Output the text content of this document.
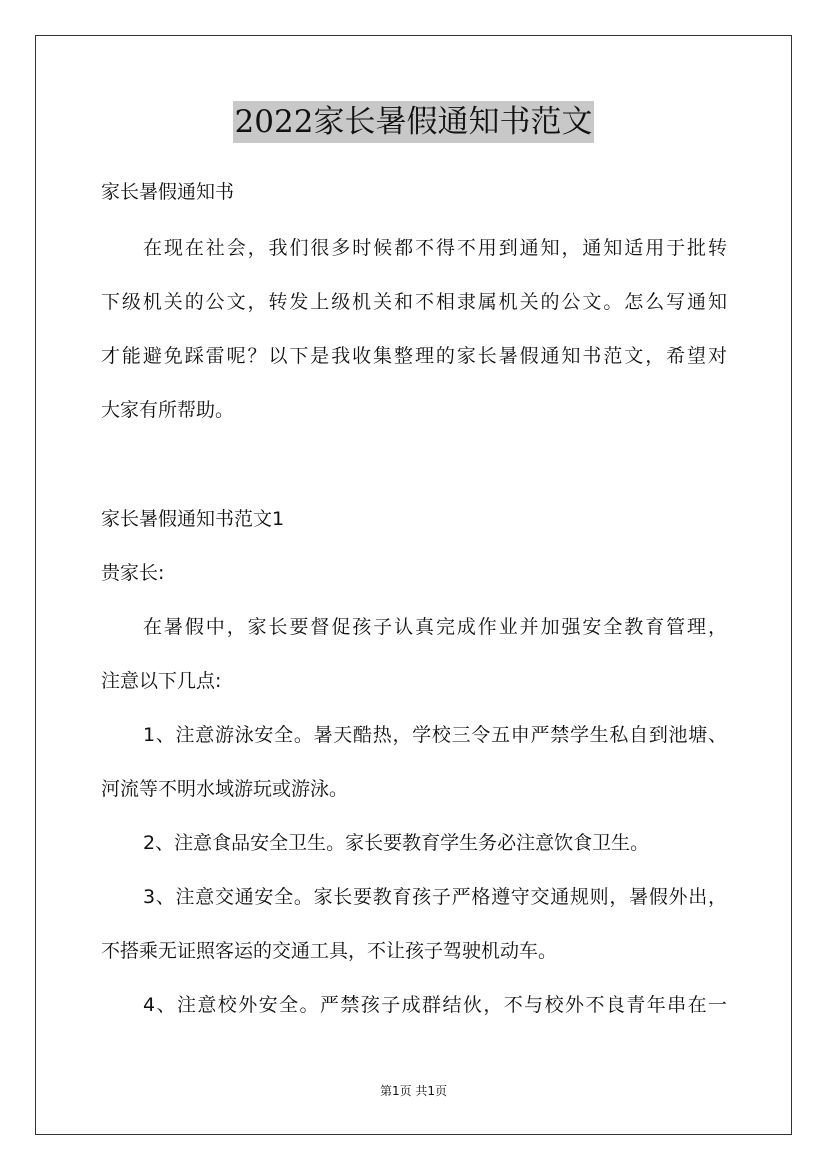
2022家长暑假通知书范文
家长暑假通知书
在现在社会，我们很多时候都不得不用到通知，通知适用于批转
下级机关的公文，转发上级机关和不相隶属机关的公文。怎么写通知
才能避免踩雷呢？以下是我收集整理的家长暑假通知书范文，希望对
大家有所帮助。
家长暑假通知书范文1
贵家长:
在暑假中，家长要督促孩子认真完成作业并加强安全教育管理，
注意以下几点:
1、注意游泳安全。暑天酷热，学校三令五申严禁学生私自到池塘、
河流等不明水域游玩或游泳。
2、注意食品安全卫生。家长要教育学生务必注意饮食卫生。
3、注意交通安全。家长要教育孩子严格遵守交通规则，暑假外出，
不搭乘无证照客运的交通工具，不让孩子驾驶机动车。
4、注意校外安全。严禁孩子成群结伙，不与校外不良青年串在一
第1页 共1页
